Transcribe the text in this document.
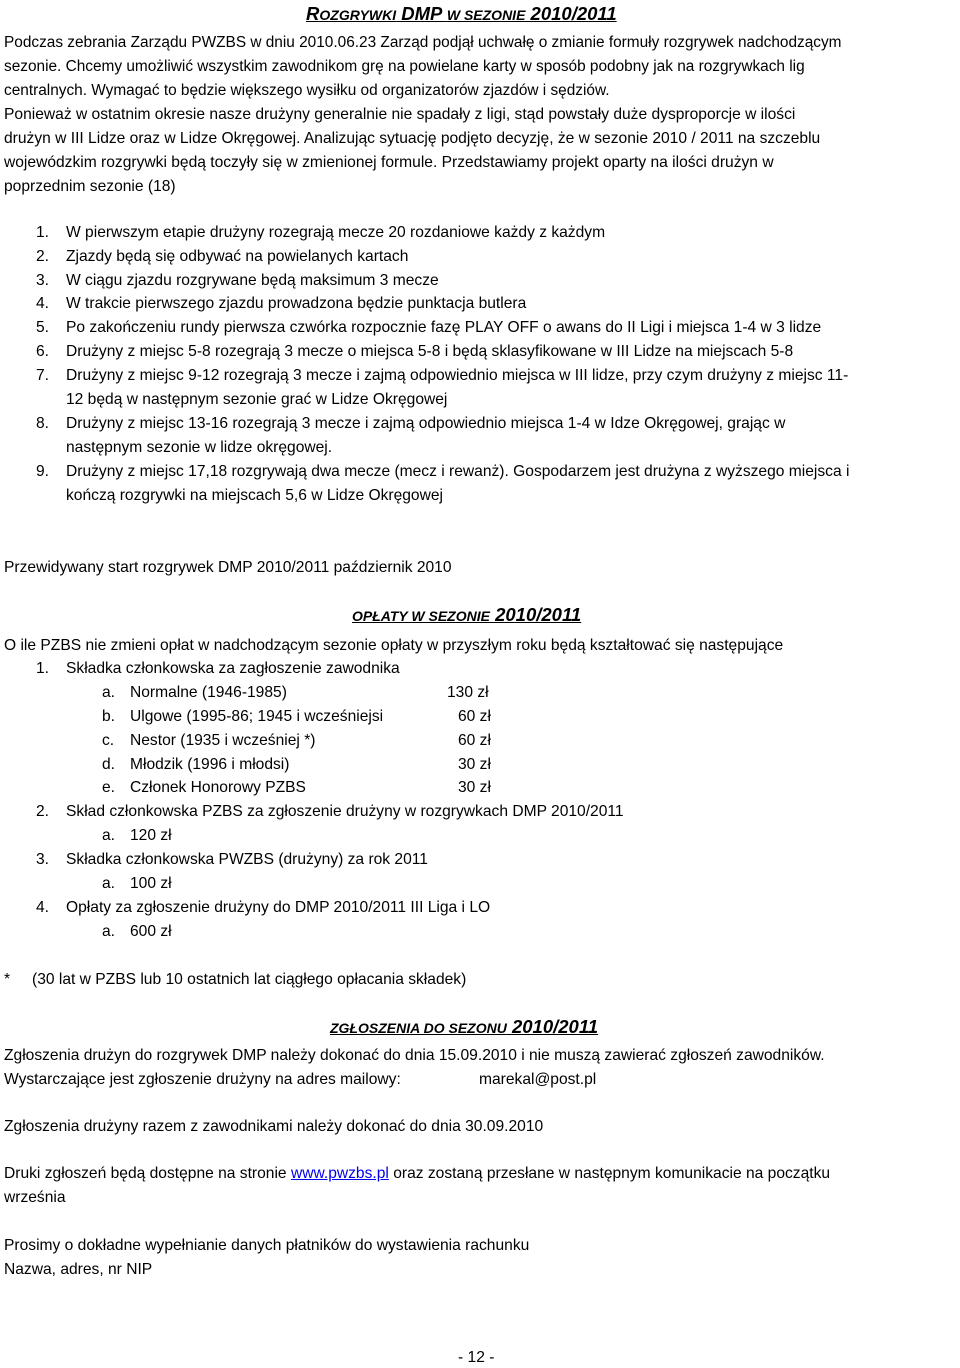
ROZGRYWKI DMP W SEZONIE 2010/2011
Podczas zebrania Zarządu PWZBS w dniu 2010.06.23 Zarząd podjął uchwałę o zmianie formuły rozgrywek nadchodzącym
sezonie. Chcemy umożliwić wszystkim zawodnikom grę na powielane karty w sposób podobny jak na rozgrywkach lig
centralnych. Wymagać to będzie większego wysiłku od organizatorów zjazdów i sędziów.
Ponieważ w ostatnim okresie nasze drużyny generalnie nie spadały z ligi, stąd powstały duże dysproporcje w ilości
drużyn w III Lidze oraz w Lidze Okręgowej. Analizując sytuację podjęto decyzję, że w sezonie 2010 / 2011 na szczeblu
wojewódzkim rozgrywki będą toczyły się w zmienionej formule. Przedstawiamy projekt oparty na ilości drużyn w
poprzednim sezonie (18)
1. W pierwszym etapie drużyny rozegrają mecze 20 rozdaniowe każdy z każdym
2. Zjazdy będą się odbywać na powielanych kartach
3. W ciągu zjazdu rozgrywane będą maksimum 3 mecze
4. W trakcie pierwszego zjazdu prowadzona będzie punktacja butlera
5. Po zakończeniu rundy pierwsza czwórka rozpocznie fazę PLAY OFF o awans do II Ligi i miejsca 1-4 w 3 lidze
6. Drużyny z miejsc 5-8 rozegrają 3 mecze o miejsca 5-8 i będą sklasyfikowane w III Lidze na miejscach 5-8
7. Drużyny z miejsc 9-12 rozegrają 3 mecze i zajmą odpowiednio miejsca w III lidze, przy czym drużyny z miejsc 11-
12 będą w następnym sezonie grać w Lidze Okręgowej
8. Drużyny z miejsc 13-16 rozegrają 3 mecze i zajmą odpowiednio miejsca 1-4 w Idze Okręgowej, grając w
następnym sezonie w lidze okręgowej.
9. Drużyny z miejsc 17,18 rozgrywają dwa mecze (mecz i rewanż). Gospodarzem jest drużyna z wyższego miejsca i
kończą rozgrywki na miejscach 5,6 w Lidze Okręgowej
Przewidywany start rozgrywek DMP 2010/2011 październik 2010
OPŁATY W SEZONIE 2010/2011
O ile PZBS nie zmieni opłat w nadchodzącym sezonie opłaty w przyszłym roku będą kształtować się następujące
1. Składka członkowska za zagłoszenie zawodnika
a. Normalne (1946-1985)	130 zł
b. Ulgowe (1995-86; 1945 i wcześniejsi	60 zł
c. Nestor (1935 i wcześniej *)	60 zł
d. Młodzik (1996 i młodsi)	30 zł
e. Członek Honorowy PZBS	30 zł
2. Skład członkowska PZBS za zgłoszenie drużyny w rozgrywkach DMP 2010/2011
a. 120 zł
3. Składka członkowska PWZBS (drużyny) za rok 2011
a. 100 zł
4. Opłaty za zgłoszenie drużyny do DMP 2010/2011 III Liga i LO
a. 600 zł
* (30 lat w PZBS lub 10 ostatnich lat ciągłego opłacania składek)
ZGŁOSZENIA DO SEZONU 2010/2011
Zgłoszenia drużyn do rozgrywek DMP należy dokonać do dnia 15.09.2010 i nie muszą zawierać zgłoszeń zawodników.
Wystarczające jest zgłoszenie drużyny na adres mailowy:	marekal@post.pl
Zgłoszenia drużyny razem z zawodnikami należy dokonać do dnia 30.09.2010
Druki zgłoszeń będą dostępne na stronie www.pwzbs.pl oraz zostaną przesłane w następnym komunikacie na początku
września
Prosimy o dokładne wypełnianie danych płatników do wystawienia rachunku
Nazwa, adres, nr NIP
- 12 -
